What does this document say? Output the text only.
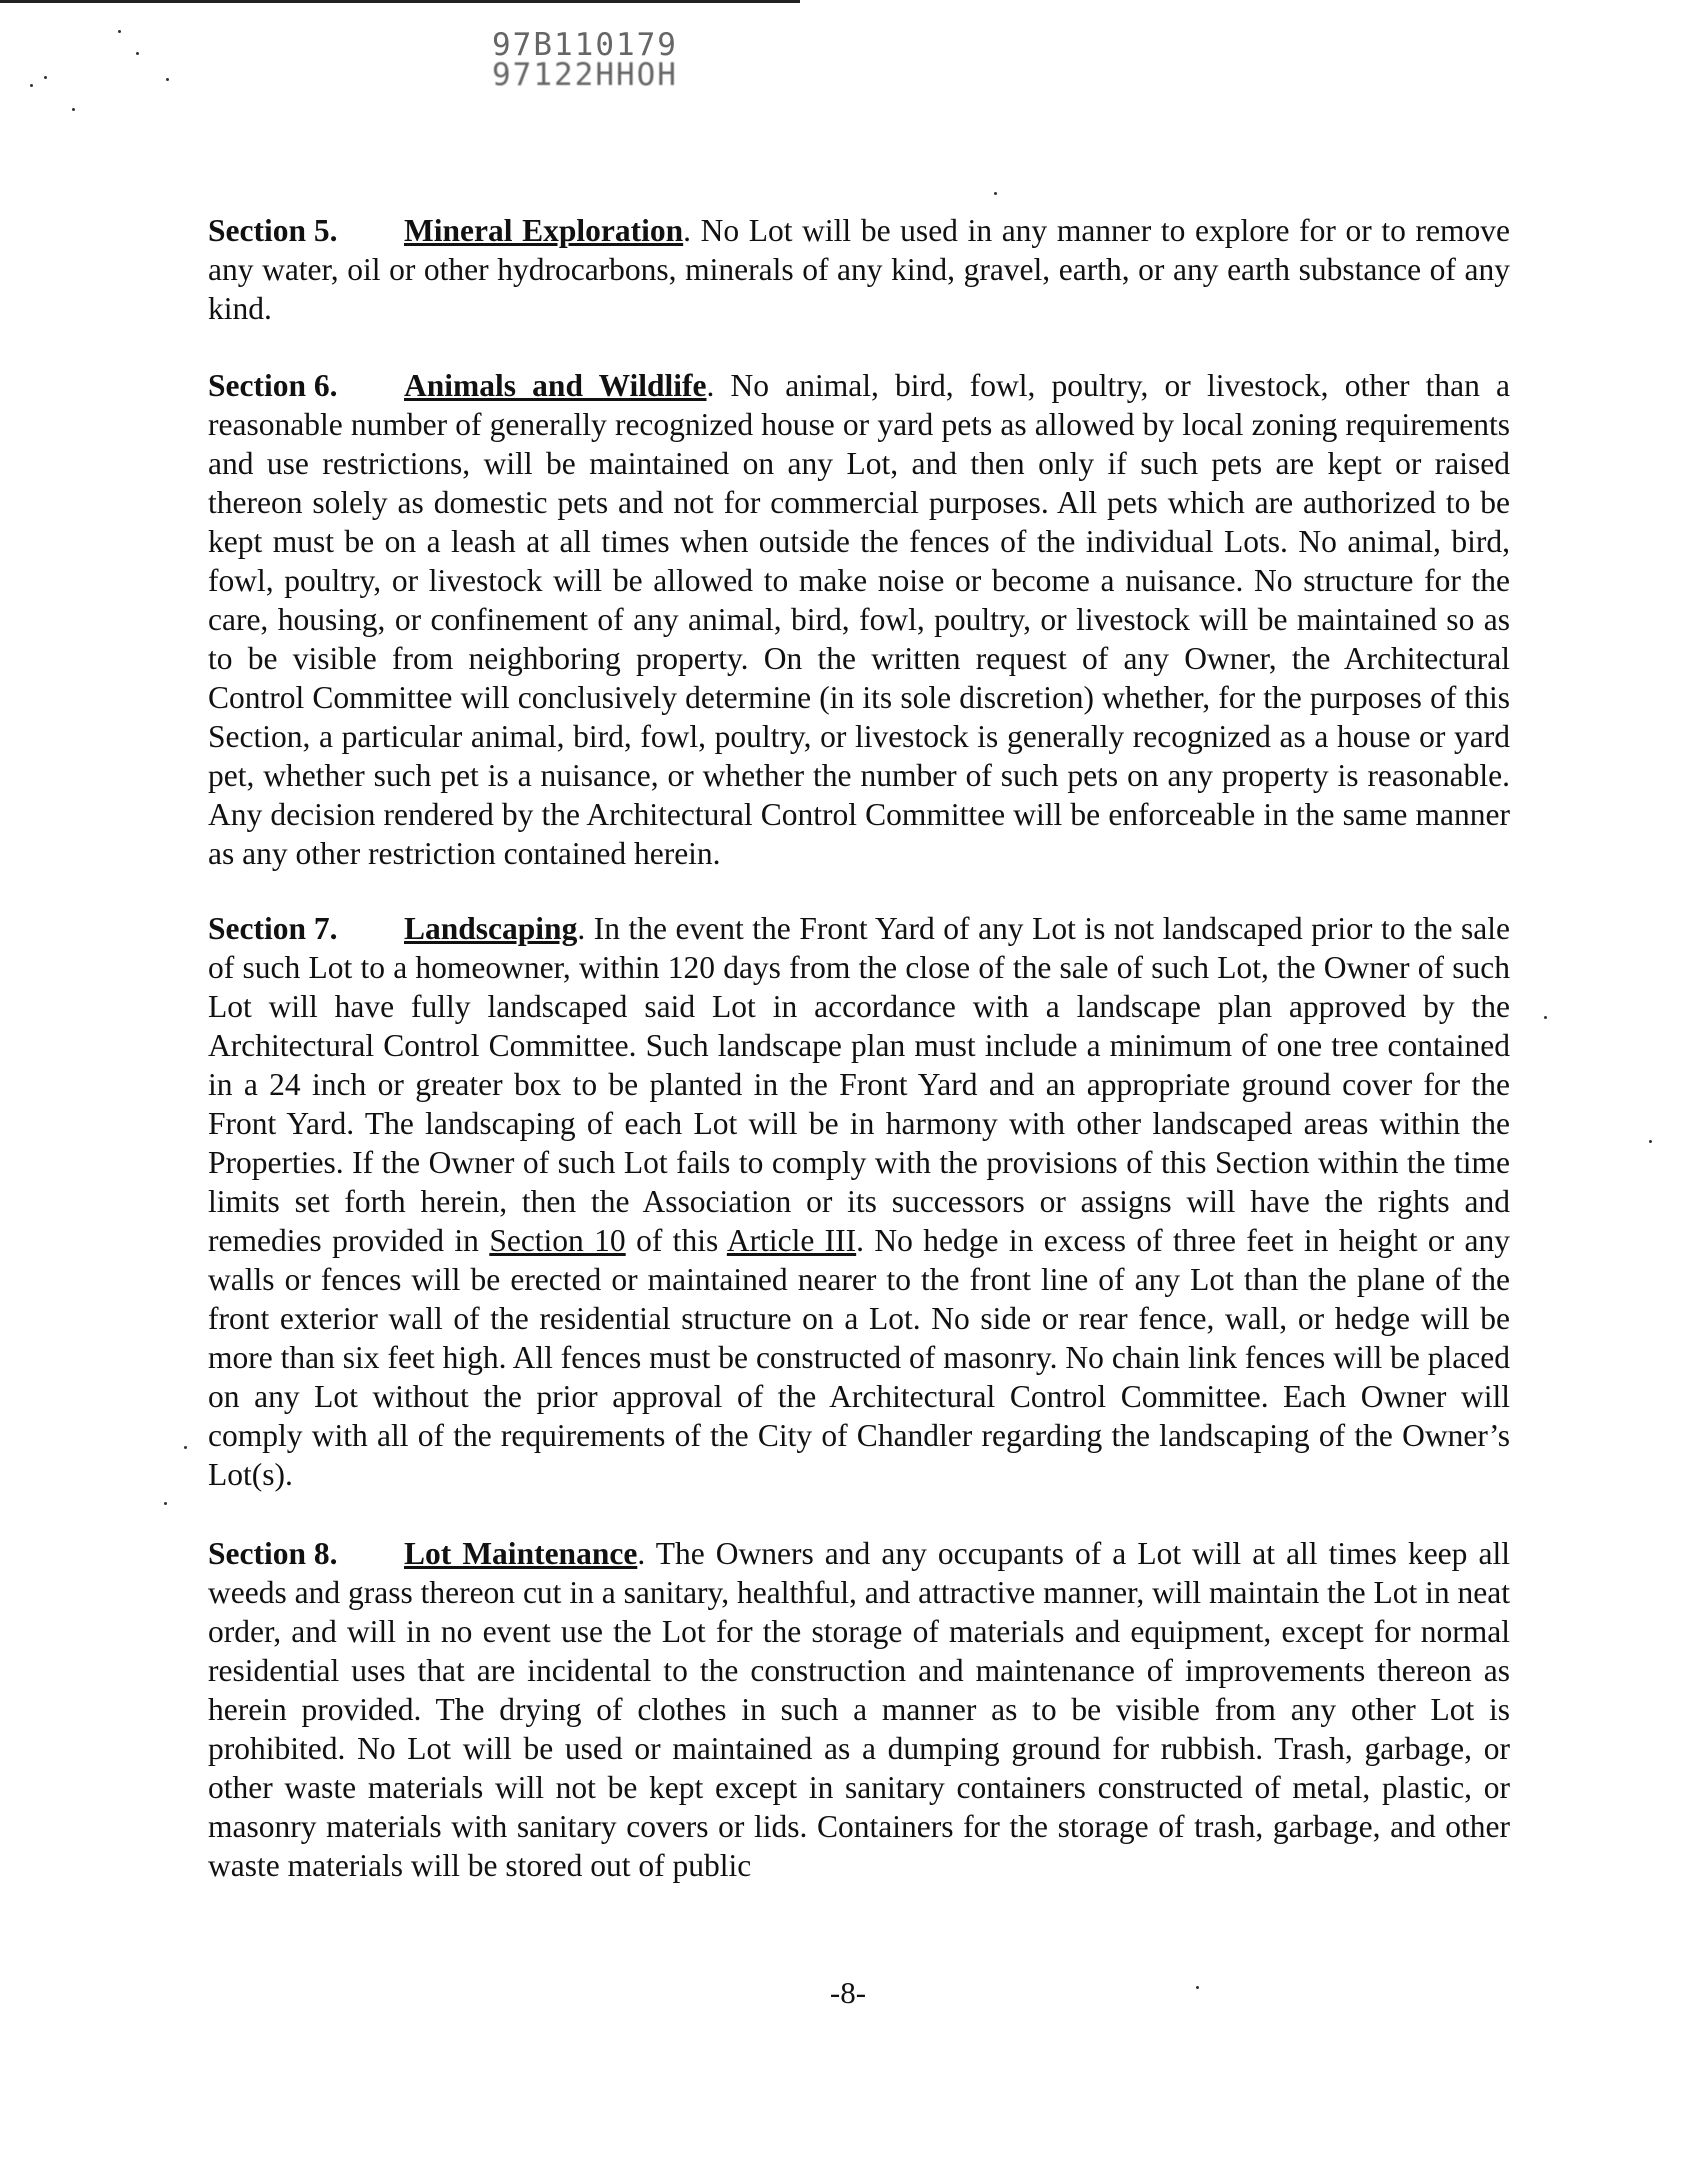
97B110179
97122HHOH

Section 5. Mineral Exploration. No Lot will be used in any manner to explore for or to remove any water, oil or other hydrocarbons, minerals of any kind, gravel, earth, or any earth substance of any kind.

Section 6. Animals and Wildlife. No animal, bird, fowl, poultry, or livestock, other than a reasonable number of generally recognized house or yard pets as allowed by local zoning requirements and use restrictions, will be maintained on any Lot, and then only if such pets are kept or raised thereon solely as domestic pets and not for commercial purposes. All pets which are authorized to be kept must be on a leash at all times when outside the fences of the individual Lots. No animal, bird, fowl, poultry, or livestock will be allowed to make noise or become a nuisance. No structure for the care, housing, or confinement of any animal, bird, fowl, poultry, or livestock will be maintained so as to be visible from neighboring property. On the written request of any Owner, the Architectural Control Committee will conclusively determine (in its sole discretion) whether, for the purposes of this Section, a particular animal, bird, fowl, poultry, or livestock is generally recognized as a house or yard pet, whether such pet is a nuisance, or whether the number of such pets on any property is reasonable. Any decision rendered by the Architectural Control Committee will be enforceable in the same manner as any other restriction contained herein.

Section 7. Landscaping. In the event the Front Yard of any Lot is not landscaped prior to the sale of such Lot to a homeowner, within 120 days from the close of the sale of such Lot, the Owner of such Lot will have fully landscaped said Lot in accordance with a landscape plan approved by the Architectural Control Committee. Such landscape plan must include a minimum of one tree contained in a 24 inch or greater box to be planted in the Front Yard and an appropriate ground cover for the Front Yard. The landscaping of each Lot will be in harmony with other landscaped areas within the Properties. If the Owner of such Lot fails to comply with the provisions of this Section within the time limits set forth herein, then the Association or its successors or assigns will have the rights and remedies provided in Section 10 of this Article III. No hedge in excess of three feet in height or any walls or fences will be erected or maintained nearer to the front line of any Lot than the plane of the front exterior wall of the residential structure on a Lot. No side or rear fence, wall, or hedge will be more than six feet high. All fences must be constructed of masonry. No chain link fences will be placed on any Lot without the prior approval of the Architectural Control Committee. Each Owner will comply with all of the requirements of the City of Chandler regarding the landscaping of the Owner’s Lot(s).

Section 8. Lot Maintenance. The Owners and any occupants of a Lot will at all times keep all weeds and grass thereon cut in a sanitary, healthful, and attractive manner, will maintain the Lot in neat order, and will in no event use the Lot for the storage of materials and equipment, except for normal residential uses that are incidental to the construction and maintenance of improvements thereon as herein provided. The drying of clothes in such a manner as to be visible from any other Lot is prohibited. No Lot will be used or maintained as a dumping ground for rubbish. Trash, garbage, or other waste materials will not be kept except in sanitary containers constructed of metal, plastic, or masonry materials with sanitary covers or lids. Containers for the storage of trash, garbage, and other waste materials will be stored out of public

-8-
